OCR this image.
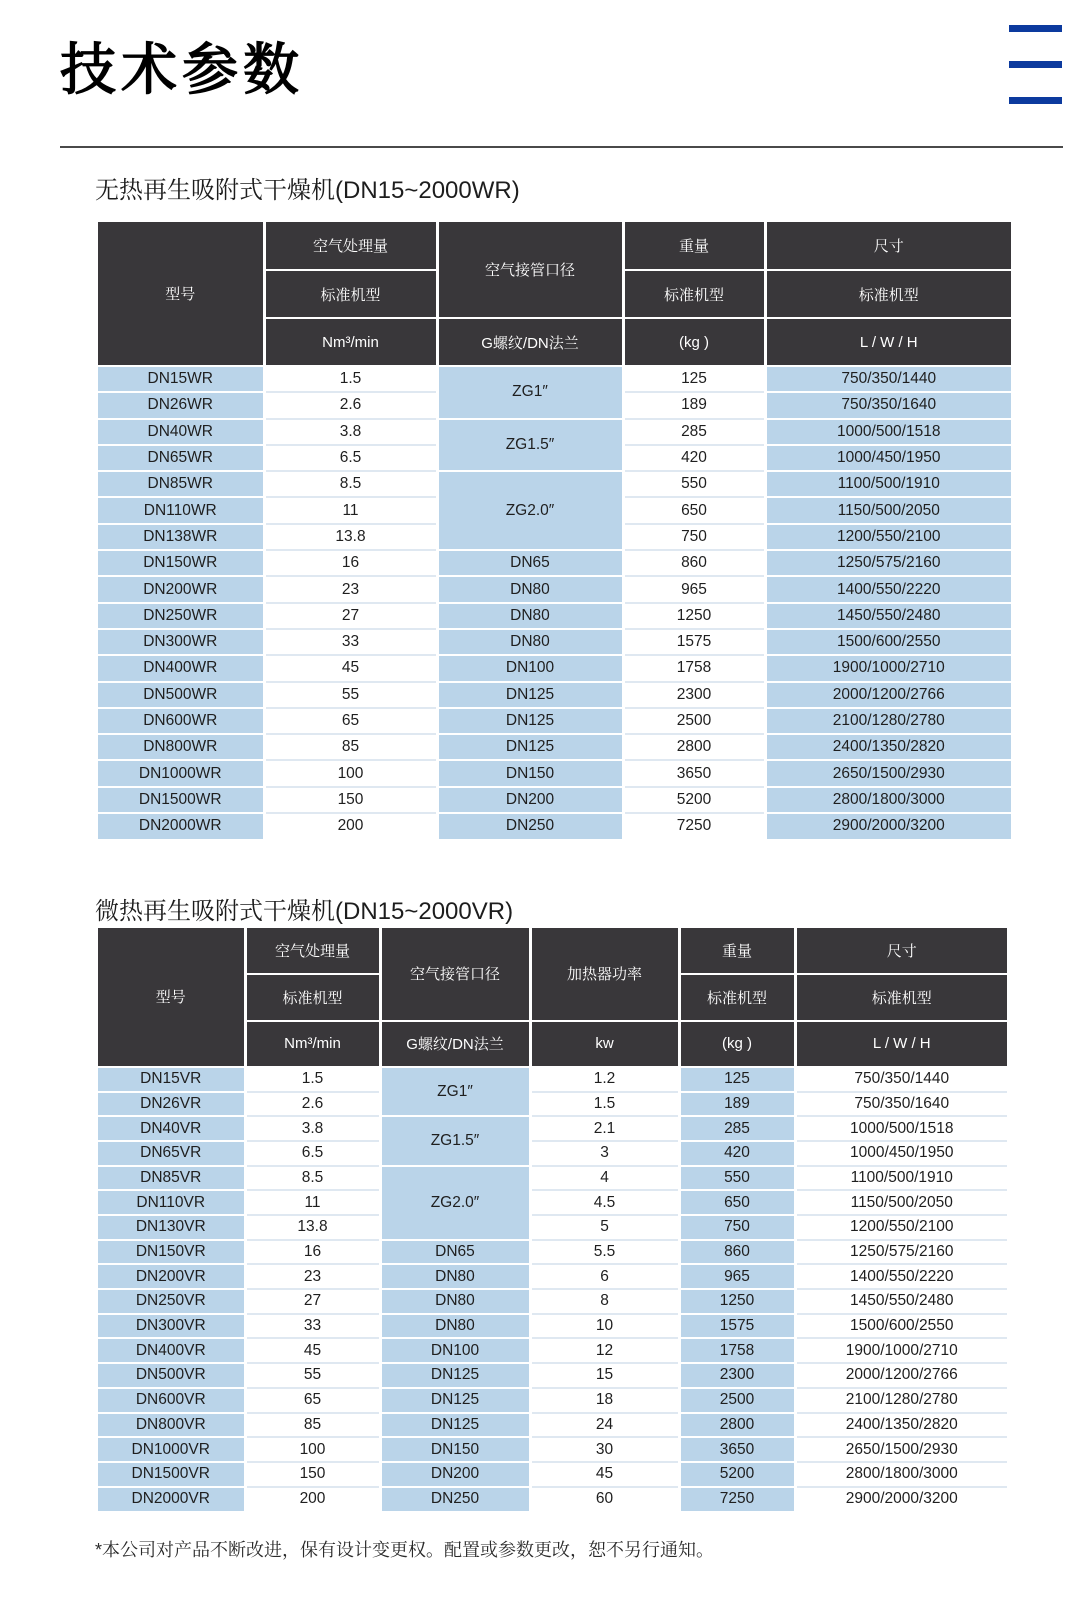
技术参数
无热再生吸附式干燥机(DN15~2000WR)
型号	空气处理量	空气接管口径	重量	尺寸
	标准机型		标准机型	标准机型
	Nm³/min	G螺纹/DN法兰	(kg )	L / W / H
DN15WR	1.5	ZG1″	125	750/350/1440
DN26WR	2.6		189	750/350/1640
DN40WR	3.8	ZG1.5″	285	1000/500/1518
DN65WR	6.5		420	1000/450/1950
DN85WR	8.5	ZG2.0″	550	1100/500/1910
DN110WR	11		650	1150/500/2050
DN138WR	13.8		750	1200/550/2100
DN150WR	16	DN65	860	1250/575/2160
DN200WR	23	DN80	965	1400/550/2220
DN250WR	27	DN80	1250	1450/550/2480
DN300WR	33	DN80	1575	1500/600/2550
DN400WR	45	DN100	1758	1900/1000/2710
DN500WR	55	DN125	2300	2000/1200/2766
DN600WR	65	DN125	2500	2100/1280/2780
DN800WR	85	DN125	2800	2400/1350/2820
DN1000WR	100	DN150	3650	2650/1500/2930
DN1500WR	150	DN200	5200	2800/1800/3000
DN2000WR	200	DN250	7250	2900/2000/3200
微热再生吸附式干燥机(DN15~2000VR)
型号	空气处理量	空气接管口径	加热器功率	重量	尺寸
	标准机型			标准机型	标准机型
	Nm³/min	G螺纹/DN法兰	kw	(kg )	L / W / H
DN15VR	1.5	ZG1″	1.2	125	750/350/1440
DN26VR	2.6		1.5	189	750/350/1640
DN40VR	3.8	ZG1.5″	2.1	285	1000/500/1518
DN65VR	6.5		3	420	1000/450/1950
DN85VR	8.5	ZG2.0″	4	550	1100/500/1910
DN110VR	11		4.5	650	1150/500/2050
DN130VR	13.8		5	750	1200/550/2100
DN150VR	16	DN65	5.5	860	1250/575/2160
DN200VR	23	DN80	6	965	1400/550/2220
DN250VR	27	DN80	8	1250	1450/550/2480
DN300VR	33	DN80	10	1575	1500/600/2550
DN400VR	45	DN100	12	1758	1900/1000/2710
DN500VR	55	DN125	15	2300	2000/1200/2766
DN600VR	65	DN125	18	2500	2100/1280/2780
DN800VR	85	DN125	24	2800	2400/1350/2820
DN1000VR	100	DN150	30	3650	2650/1500/2930
DN1500VR	150	DN200	45	5200	2800/1800/3000
DN2000VR	200	DN250	60	7250	2900/2000/3200

*本公司对产品不断改进，保有设计变更权。配置或参数更改，恕不另行通知。
